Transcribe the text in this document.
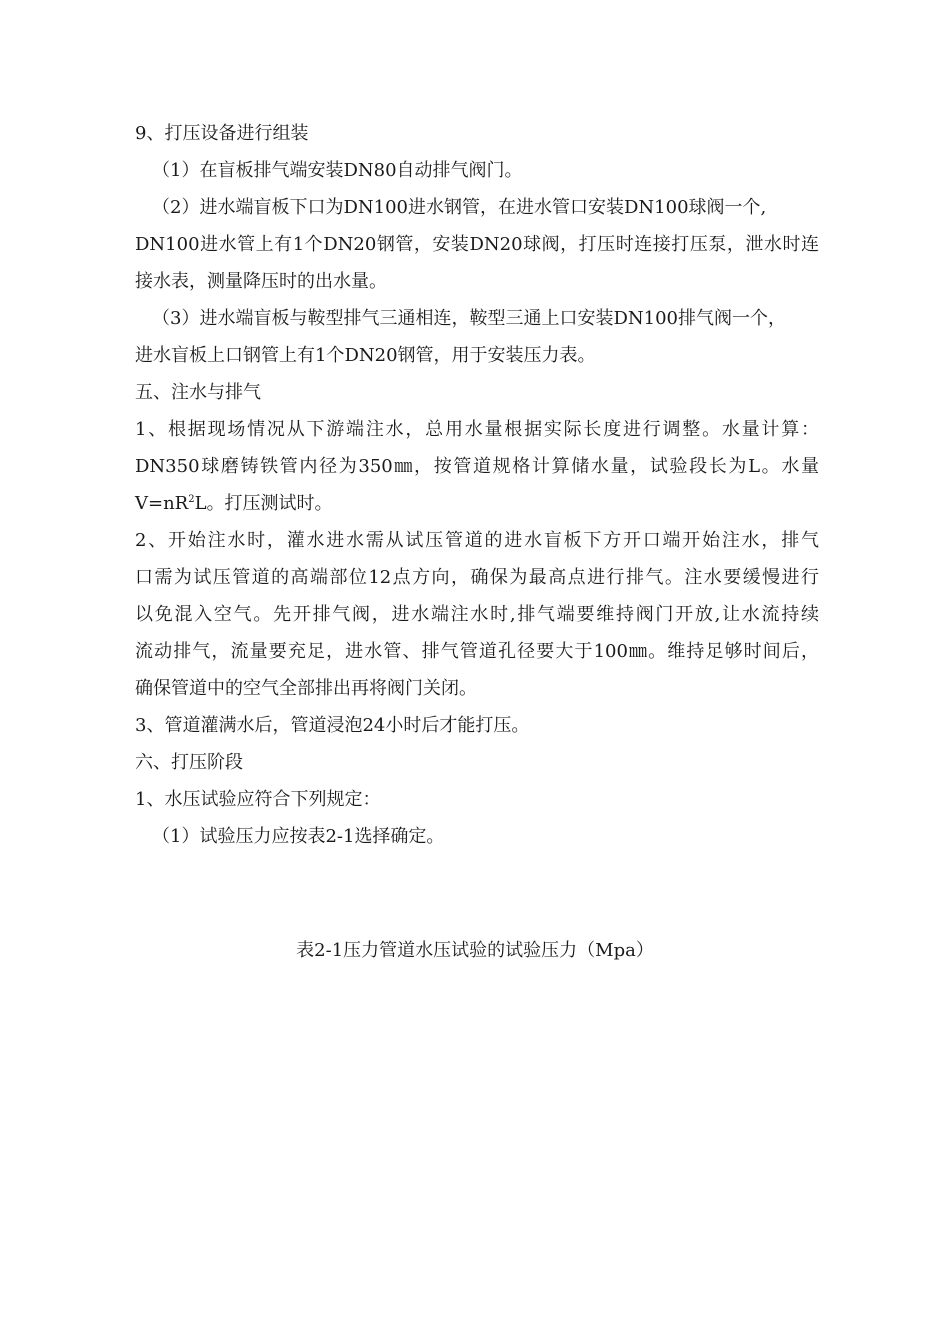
9、打压设备进行组装
（1）在盲板排气端安装DN80自动排气阀门。
（2）进水端盲板下口为DN100进水钢管，在进水管口安装DN100球阀一个,
DN100进水管上有1个DN20钢管，安装DN20球阀，打压时连接打压泵，泄水时连
接水表，测量降压时的出水量。
（3）进水端盲板与鞍型排气三通相连，鞍型三通上口安装DN100排气阀一个，
进水盲板上口钢管上有1个DN20钢管，用于安装压力表。
五、注水与排气
1、根据现场情况从下游端注水，总用水量根据实际长度进行调整。水量计算：
DN350球磨铸铁管内径为350㎜，按管道规格计算储水量，试验段长为L。水量
$V=nR^2L$。打压测试时。
2、开始注水时，灌水进水需从试压管道的进水盲板下方开口端开始注水，排气
口需为试压管道的高端部位12点方向，确保为最高点进行排气。注水要缓慢进行
以免混入空气。先开排气阀，进水端注水时,排气端要维持阀门开放,让水流持续
流动排气，流量要充足，进水管、排气管道孔径要大于100㎜。维持足够时间后，
确保管道中的空气全部排出再将阀门关闭。
3、管道灌满水后，管道浸泡24小时后才能打压。
六、打压阶段
1、水压试验应符合下列规定：
（1）试验压力应按表2-1选择确定。
表2-1压力管道水压试验的试验压力（Mpa）
